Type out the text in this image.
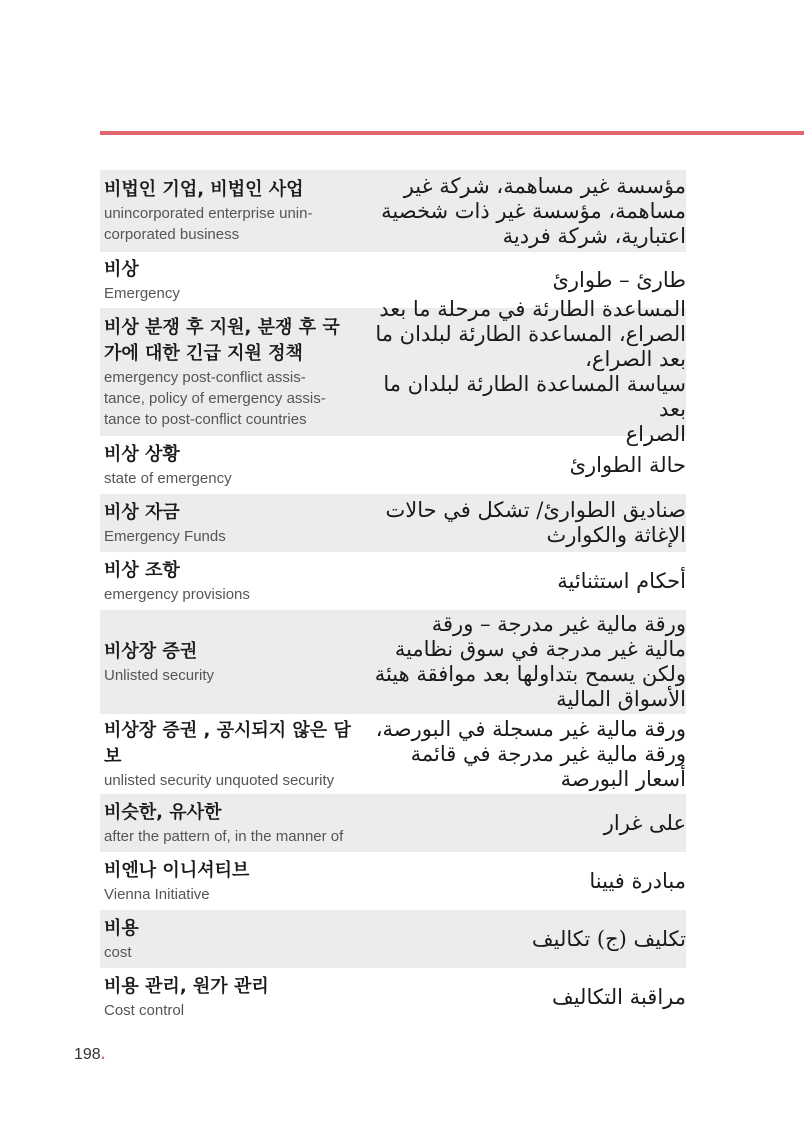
비법인 기업, 비법인 사업
unincorporated enterprise unin-
corporated business
مؤسسة غير مساهمة، شركة غير
مساهمة، مؤسسة غير ذات شخصية
اعتبارية، شركة فردية
비상
Emergency
طارئ – طوارئ
비상 분쟁 후 지원, 분쟁 후 국
가에 대한 긴급 지원 정책
emergency post-conflict assis-
tance, policy of emergency assis-
tance to post-conflict countries
المساعدة الطارئة في مرحلة ما بعد
الصراع، المساعدة الطارئة لبلدان ما
بعد الصراع،
سياسة المساعدة الطارئة لبلدان ما بعد
الصراع
비상 상황
state of emergency
حالة الطوارئ
비상 자금
Emergency Funds
صناديق الطوارئ/ تشكل في حالات
الإغاثة والكوارث
비상 조항
emergency provisions
أحكام استثنائية
비상장 증권
Unlisted security
ورقة مالية غير مدرجة – ورقة
مالية غير مدرجة في سوق نظامية
ولكن يسمح بتداولها بعد موافقة هيئة
الأسواق المالية
비상장 증권 , 공시되지 않은 담보
unlisted security unquoted security
ورقة مالية غير مسجلة في البورصة،
ورقة مالية غير مدرجة في قائمة
أسعار البورصة
비슷한, 유사한
after the pattern of, in the manner of
على غرار
비엔나 이니셔티브
Vienna Initiative
مبادرة فيينا
비용
cost
تكليف (ج) تكاليف
비용 관리, 원가 관리
Cost control
مراقبة التكاليف
198.
